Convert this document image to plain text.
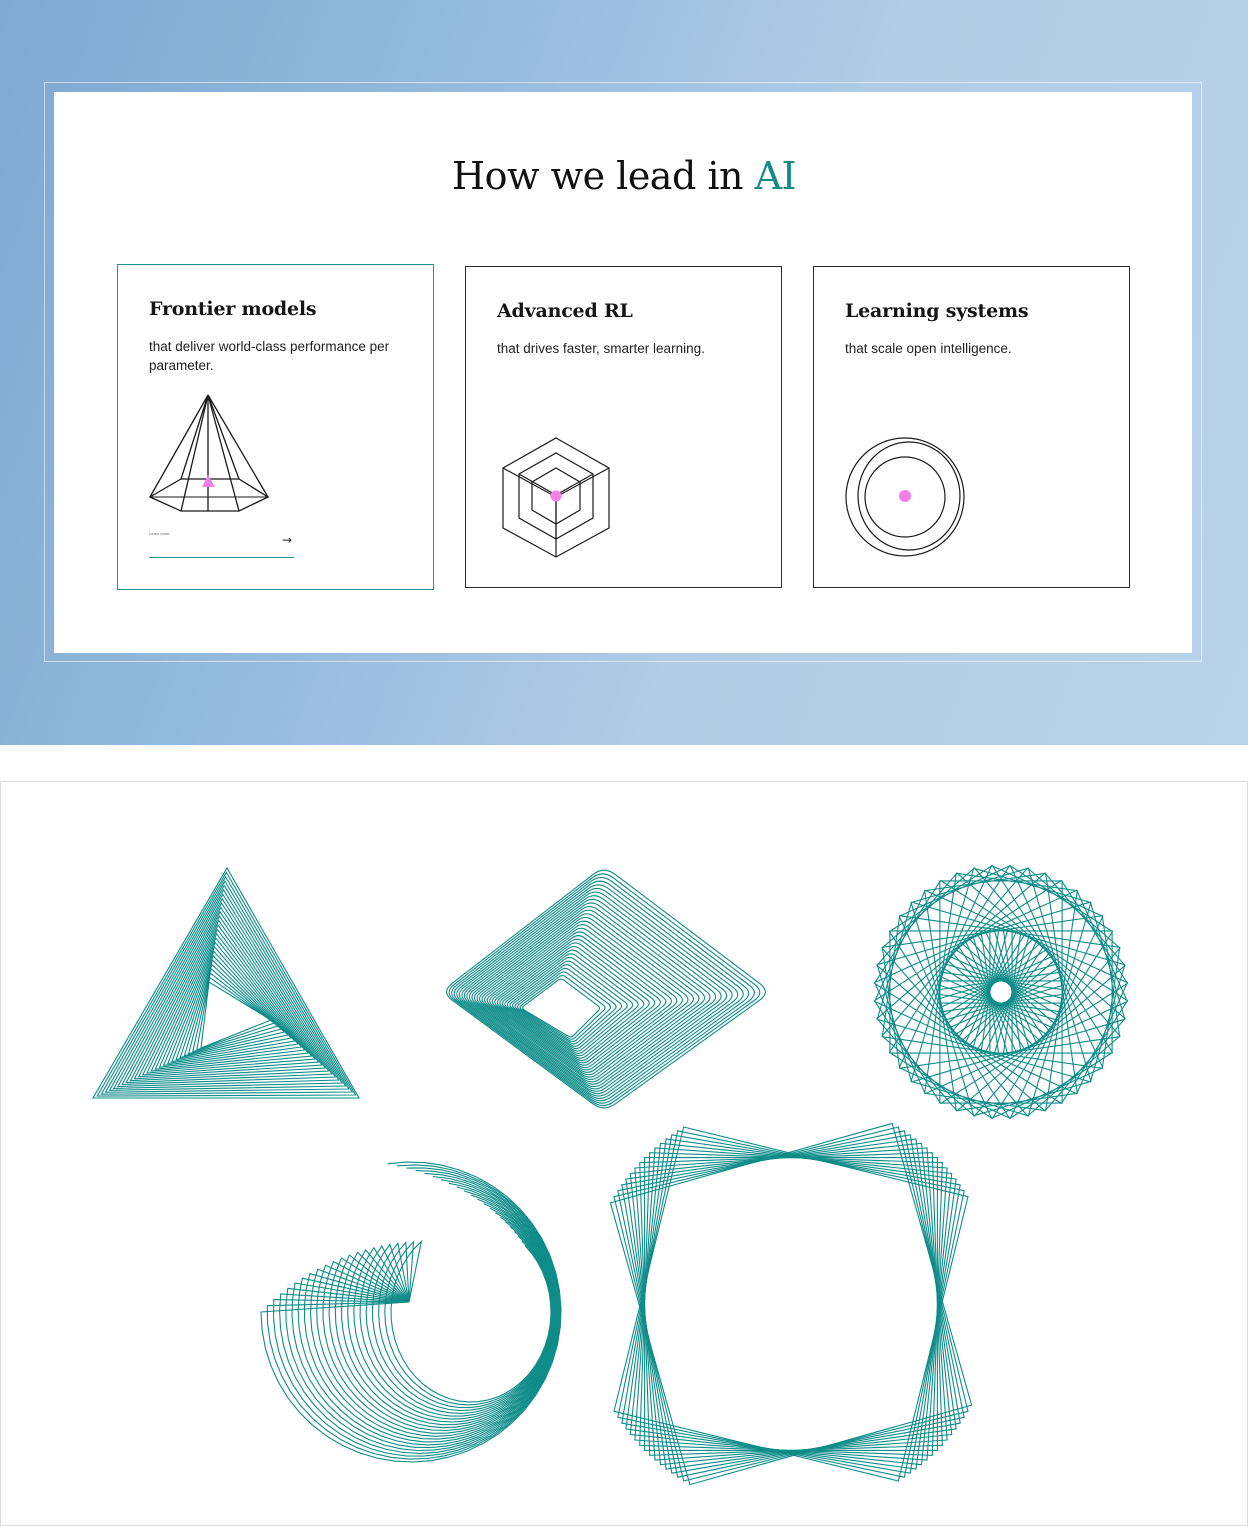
How we lead in AI
Frontier models

that deliver world-class performance per parameter.

Learn more	→
Advanced RL

that drives faster, smarter learning.

Learning systems

that scale open intelligence.
